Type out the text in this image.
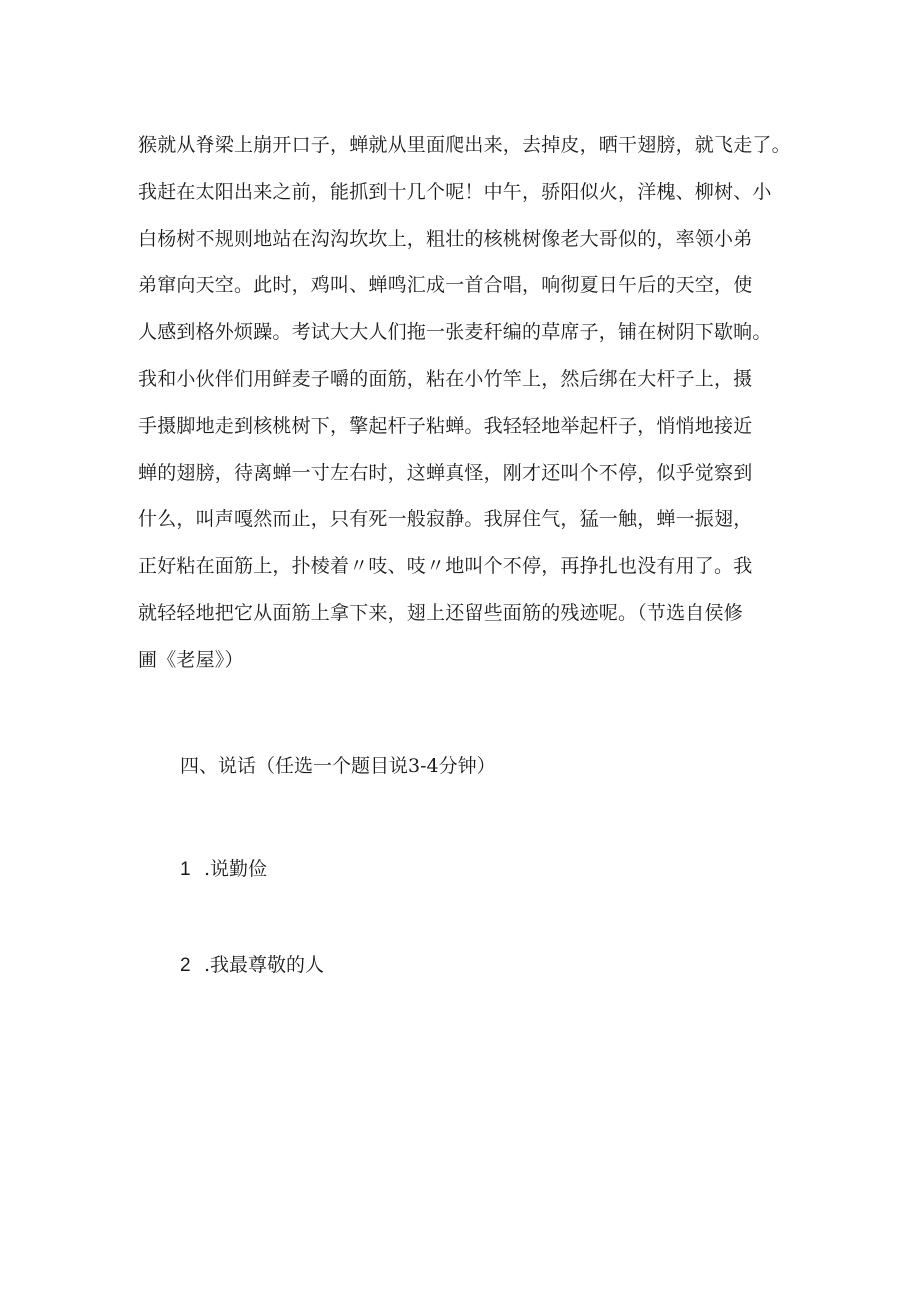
猴就从脊梁上崩开口子，蝉就从里面爬出来，去掉皮，晒干翅膀，就飞走了。
我赶在太阳出来之前，能抓到十几个呢！中午，骄阳似火，洋槐、柳树、小
白杨树不规则地站在沟沟坎坎上，粗壮的核桃树像老大哥似的，率领小弟
弟窜向天空。此时，鸡叫、蝉鸣汇成一首合唱，响彻夏日午后的天空，使
人感到格外烦躁。考试大大人们拖一张麦秆编的草席子，铺在树阴下歇晌。
我和小伙伴们用鲜麦子嚼的面筋，粘在小竹竿上，然后绑在大杆子上，摄
手摄脚地走到核桃树下，擎起杆子粘蝉。我轻轻地举起杆子，悄悄地接近
蝉的翅膀，待离蝉一寸左右时，这蝉真怪，刚才还叫个不停，似乎觉察到
什么，叫声嘎然而止，只有死一般寂静。我屏住气，猛一触，蝉一振翅，
正好粘在面筋上，扑棱着〃吱、吱〃地叫个不停，再挣扎也没有用了。我
就轻轻地把它从面筋上拿下来，翅上还留些面筋的残迹呢。（节选自侯修
圃《老屋》）
四、说话（任选一个题目说3-4分钟）
1 .说勤俭
2 .我最尊敬的人
